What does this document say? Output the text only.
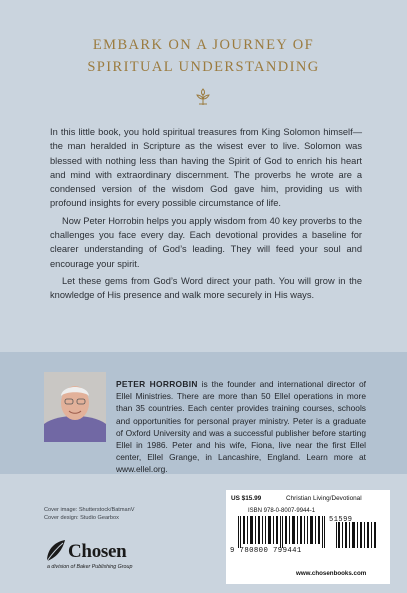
EMBARK ON A JOURNEY OF
SPIRITUAL UNDERSTANDING

In this little book, you hold spiritual treasures from King Solomon himself—the man heralded in Scripture as the wisest ever to live. Solomon was blessed with nothing less than having the Spirit of God to enrich his heart and mind with extraordinary discernment. The proverbs he wrote are a condensed version of the wisdom God gave him, providing us with profound insights for every possible circumstance of life.

Now Peter Horrobin helps you apply wisdom from 40 key proverbs to the challenges you face every day. Each devotional provides a baseline for clearer understanding of God’s leading. They will feed your soul and encourage your spirit.

Let these gems from God’s Word direct your path. You will grow in the knowledge of His presence and walk more securely in His ways.

PETER HORROBIN is the founder and international director of Ellel Ministries. There are more than 50 Ellel operations in more than 35 countries. Each center provides training courses, schools and opportunities for personal prayer ministry. Peter is a graduate of Oxford University and was a successful publisher before starting Ellel in 1986. Peter and his wife, Fiona, live near the first Ellel center, Ellel Grange, in Lancashire, England. Learn more at www.ellel.org.
Cover image: Shutterstock/BatmanV
Cover design: Studio Gearbox
Chosen
a division of Baker Publishing Group
US $15.99	Christian Living/Devotional
ISBN 978-0-8007-9944-1
51599
9 780800 799441
www.chosenbooks.com
